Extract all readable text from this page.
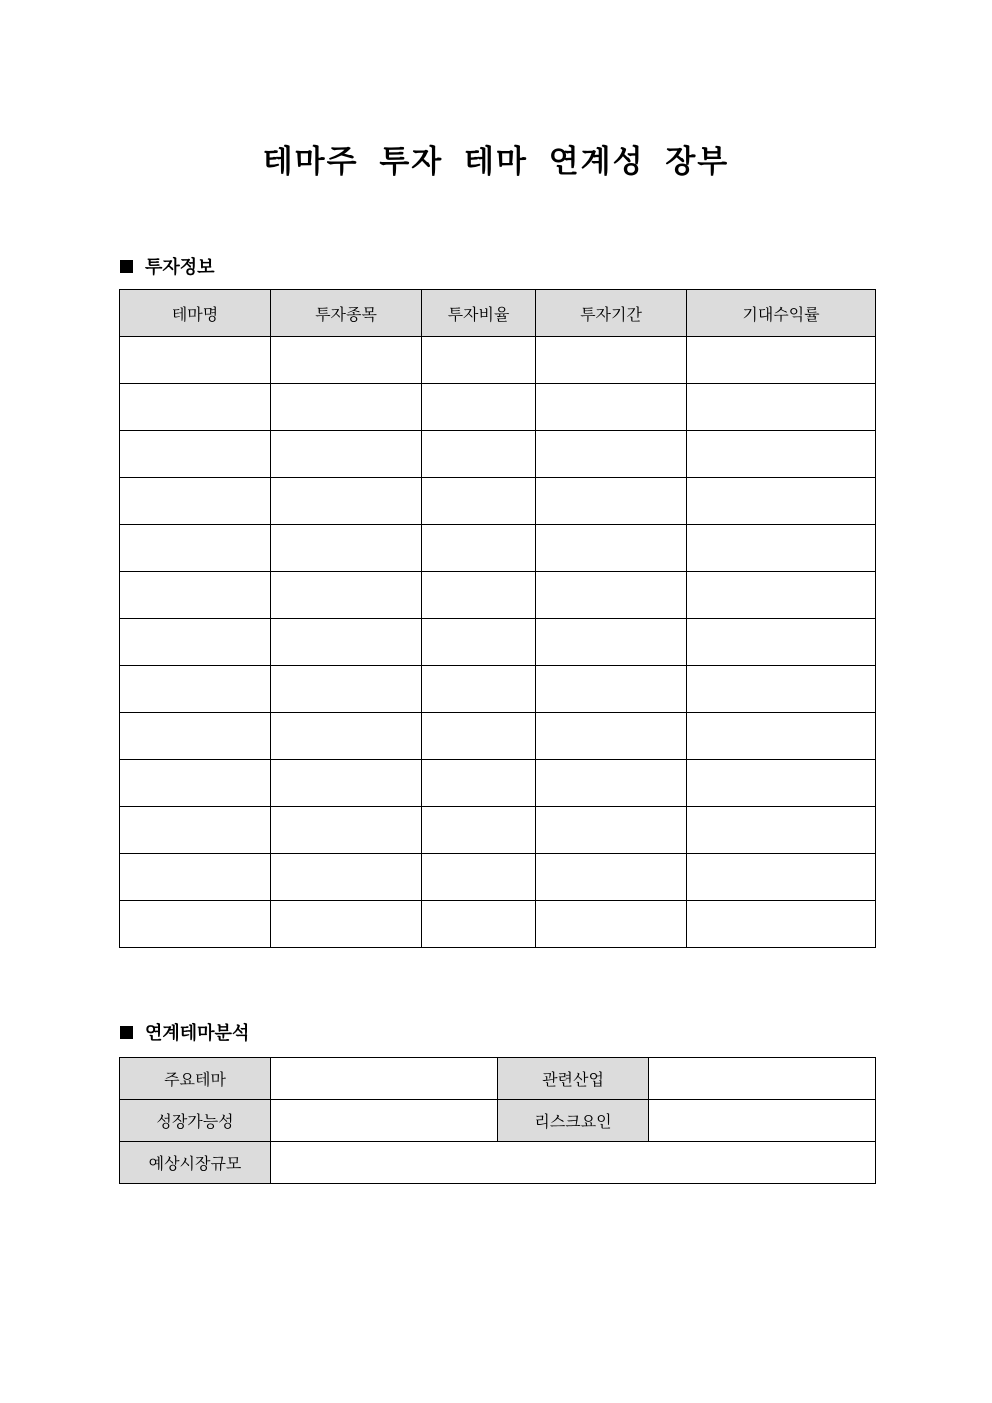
테마주 투자 테마 연계성 장부
투자정보
테마명	투자종목	투자비율	투자기간	기대수익률

연계테마분석
주요테마		관련산업	
성장가능성		리스크요인	
예상시장규모			
